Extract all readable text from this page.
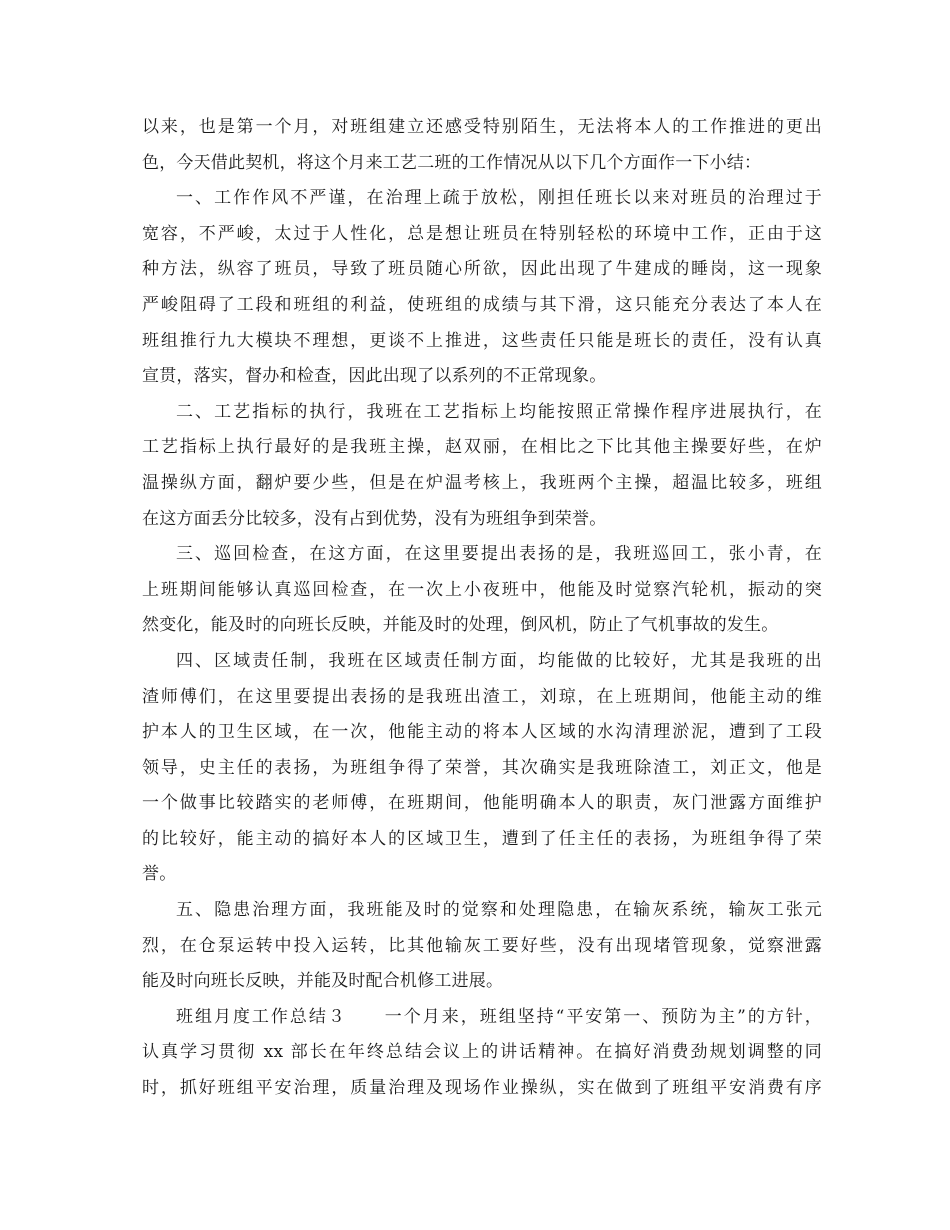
以来，也是第一个月，对班组建立还感受特别陌生，无法将本人的工作推进的更出
色，今天借此契机，将这个月来工艺二班的工作情况从以下几个方面作一下小结：
一、工作作风不严谨，在治理上疏于放松，刚担任班长以来对班员的治理过于
宽容，不严峻，太过于人性化，总是想让班员在特别轻松的环境中工作，正由于这
种方法，纵容了班员，导致了班员随心所欲，因此出现了牛建成的睡岗，这一现象
严峻阻碍了工段和班组的利益，使班组的成绩与其下滑，这只能充分表达了本人在
班组推行九大模块不理想，更谈不上推进，这些责任只能是班长的责任，没有认真
宣贯，落实，督办和检查，因此出现了以系列的不正常现象。
二、工艺指标的执行，我班在工艺指标上均能按照正常操作程序进展执行，在
工艺指标上执行最好的是我班主操，赵双丽，在相比之下比其他主操要好些，在炉
温操纵方面，翻炉要少些，但是在炉温考核上，我班两个主操，超温比较多，班组
在这方面丢分比较多，没有占到优势，没有为班组争到荣誉。
三、巡回检查，在这方面，在这里要提出表扬的是，我班巡回工，张小青，在
上班期间能够认真巡回检查，在一次上小夜班中，他能及时觉察汽轮机，振动的突
然变化，能及时的向班长反映，并能及时的处理，倒风机，防止了气机事故的发生。
四、区域责任制，我班在区域责任制方面，均能做的比较好，尤其是我班的出
渣师傅们，在这里要提出表扬的是我班出渣工，刘琼，在上班期间，他能主动的维
护本人的卫生区域，在一次，他能主动的将本人区域的水沟清理淤泥，遭到了工段
领导，史主任的表扬，为班组争得了荣誉，其次确实是我班除渣工，刘正文，他是
一个做事比较踏实的老师傅，在班期间，他能明确本人的职责，灰门泄露方面维护
的比较好，能主动的搞好本人的区域卫生，遭到了任主任的表扬，为班组争得了荣
誉。
五、隐患治理方面，我班能及时的觉察和处理隐患，在输灰系统，输灰工张元
烈，在仓泵运转中投入运转，比其他输灰工要好些，没有出现堵管现象，觉察泄露
能及时向班长反映，并能及时配合机修工进展。
班组月度工作总结３　　一个月来，班组坚持“平安第一、预防为主”的方针，
认真学习贯彻 xx 部长在年终总结会议上的讲话精神。在搞好消费劲规划调整的同
时，抓好班组平安治理，质量治理及现场作业操纵，实在做到了班组平安消费有序
